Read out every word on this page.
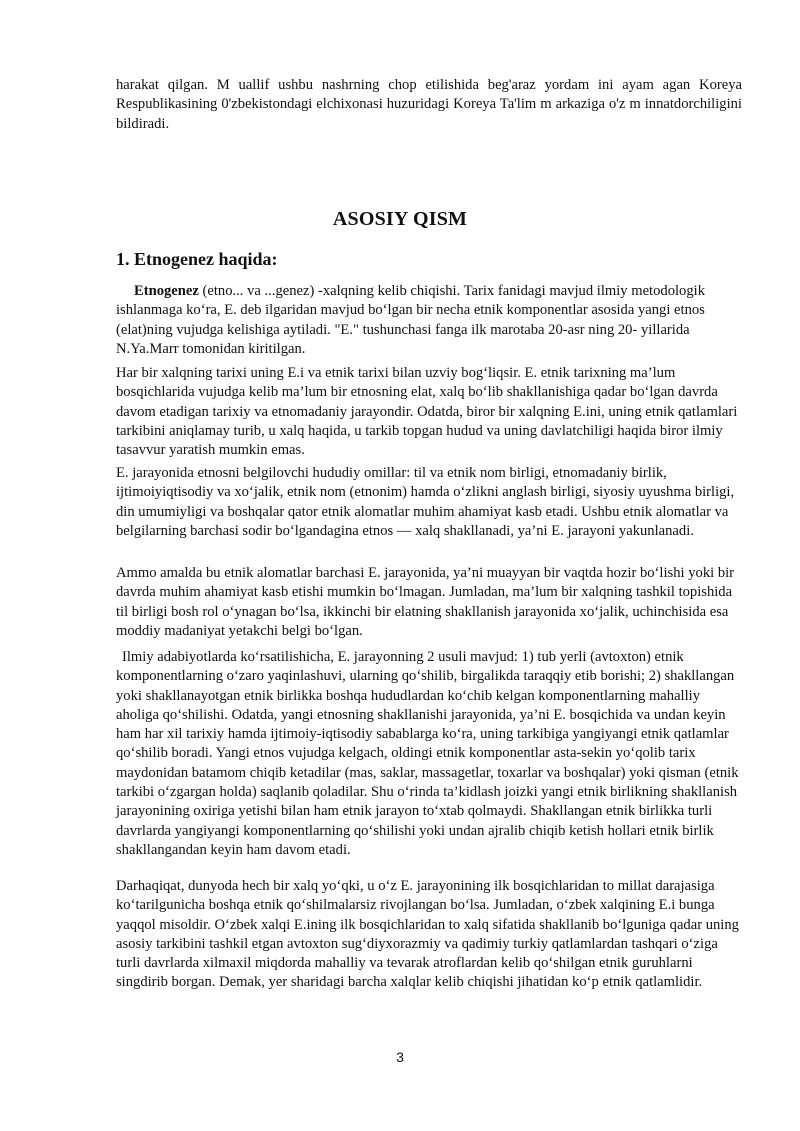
harakat qilgan. M uallif ushbu nashrning chop etilishida beg'araz yordam ini ayam agan Koreya Respublikasining 0'zbekistondagi elchixonasi huzuridagi Koreya Ta'lim m arkaziga o'z m innatdorchiligini bildiradi.

ASOSIY QISM
1. Etnogenez haqida:

Etnogenez (etno... va ...genez) -xalqning kelib chiqishi. Tarix fanidagi mavjud ilmiy metodologik ishlanmaga ko‘ra, E. deb ilgaridan mavjud bo‘lgan bir necha etnik komponentlar asosida yangi etnos (elat)ning vujudga kelishiga aytiladi. "E." tushunchasi fanga ilk marotaba 20-asr ning 20- yillarida N.Ya.Marr tomonidan kiritilgan.

Har bir xalqning tarixi uning E.i va etnik tarixi bilan uzviy bog‘liqsir. E. etnik tarixning ma’lum bosqichlarida vujudga kelib ma’lum bir etnosning elat, xalq bo‘lib shakllanishiga qadar bo‘lgan davrda davom etadigan tarixiy va etnomadaniy jarayondir. Odatda, biror bir xalqning E.ini, uning etnik qatlamlari tarkibini aniqlamay turib, u xalq haqida, u tarkib topgan hudud va uning davlatchiligi haqida biror ilmiy tasavvur yaratish mumkin emas.

E. jarayonida etnosni belgilovchi hududiy omillar: til va etnik nom birligi, etnomadaniy birlik, ijtimoiyiqtisodiy va xo‘jalik, etnik nom (etnonim) hamda o‘zlikni anglash birligi, siyosiy uyushma birligi, din umumiyligi va boshqalar qator etnik alomatlar muhim ahamiyat kasb etadi. Ushbu etnik alomatlar va belgilarning barchasi sodir bo‘lgandagina etnos — xalq shakllanadi, ya’ni E. jarayoni yakunlanadi.

Ammo amalda bu etnik alomatlar barchasi E. jarayonida, ya’ni muayyan bir vaqtda hozir bo‘lishi yoki bir davrda muhim ahamiyat kasb etishi mumkin bo‘lmagan. Jumladan, ma’lum bir xalqning tashkil topishida til birligi bosh rol o‘ynagan bo‘lsa, ikkinchi bir elatning shakllanish jarayonida xo‘jalik, uchinchisida esa moddiy madaniyat yetakchi belgi bo‘lgan.

Ilmiy adabiyotlarda ko‘rsatilishicha, E. jarayonning 2 usuli mavjud: 1) tub yerli (avtoxton) etnik komponentlarning o‘zaro yaqinlashuvi, ularning qo‘shilib, birgalikda taraqqiy etib borishi; 2) shakllangan yoki shakllanayotgan etnik birlikka boshqa hududlardan ko‘chib kelgan komponentlarning mahalliy aholiga qo‘shilishi. Odatda, yangi etnosning shakllanishi jarayonida, ya’ni E. bosqichida va undan keyin ham har xil tarixiy hamda ijtimoiy-iqtisodiy sabablarga ko‘ra, uning tarkibiga yangiyangi etnik qatlamlar qo‘shilib boradi. Yangi etnos vujudga kelgach, oldingi etnik komponentlar asta-sekin yo‘qolib tarix maydonidan batamom chiqib ketadilar (mas, saklar, massagetlar, toxarlar va boshqalar) yoki qisman (etnik tarkibi o‘zgargan holda) saqlanib qoladilar. Shu o‘rinda ta’kidlash joizki yangi etnik birlikning shakllanish jarayonining oxiriga yetishi bilan ham etnik jarayon to‘xtab qolmaydi. Shakllangan etnik birlikka turli davrlarda yangiyangi komponentlarning qo‘shilishi yoki undan ajralib chiqib ketish hollari etnik birlik shakllangandan keyin ham davom etadi.

Darhaqiqat, dunyoda hech bir xalq yo‘qki, u o‘z E. jarayonining ilk bosqichlaridan to millat darajasiga ko‘tarilgunicha boshqa etnik qo‘shilmalarsiz rivojlangan bo‘lsa. Jumladan, o‘zbek xalqining E.i bunga yaqqol misoldir. O‘zbek xalqi E.ining ilk bosqichlaridan to xalq sifatida shakllanib bo‘lguniga qadar uning asosiy tarkibini tashkil etgan avtoxton sug‘diyxorazmiy va qadimiy turkiy qatlamlardan tashqari o‘ziga turli davrlarda xilmaxil miqdorda mahalliy va tevarak atroflardan kelib qo‘shilgan etnik guruhlarni singdirib borgan. Demak, yer sharidagi barcha xalqlar kelib chiqishi jihatidan ko‘p etnik qatlamlidir.

3
